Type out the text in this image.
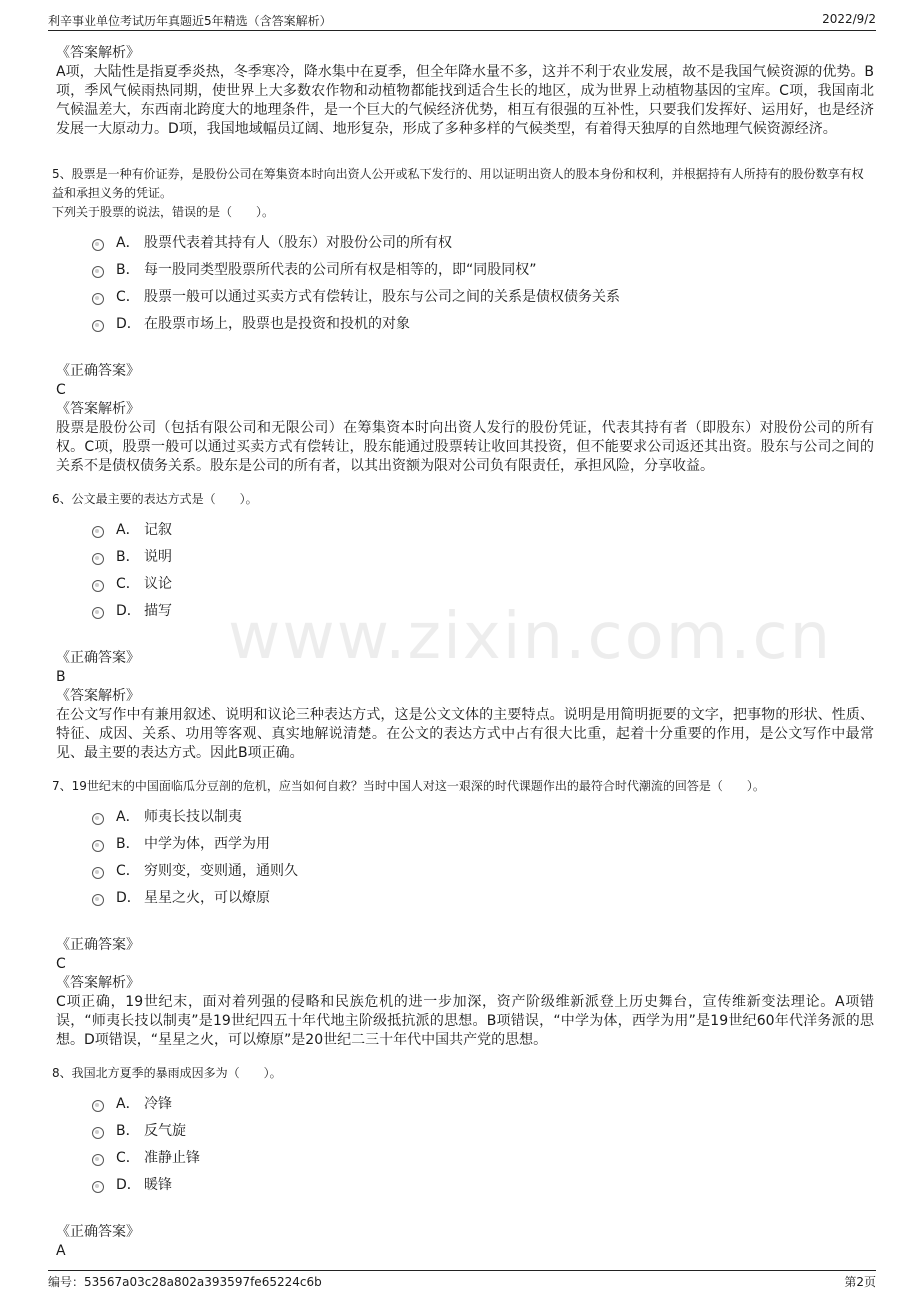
利辛事业单位考试历年真题近5年精选（含答案解析）	2022/9/2
www.zixin.com.cn
《答案解析》

A项，大陆性是指夏季炎热，冬季寒冷，降水集中在夏季，但全年降水量不多，这并不利于农业发展，故不是我国气候资源的优势。B项，季风气候雨热同期，使世界上大多数农作物和动植物都能找到适合生长的地区，成为世界上动植物基因的宝库。C项，我国南北气候温差大，东西南北跨度大的地理条件，是一个巨大的气候经济优势，相互有很强的互补性，只要我们发挥好、运用好，也是经济发展一大原动力。D项，我国地域幅员辽阔、地形复杂，形成了多种多样的气候类型，有着得天独厚的自然地理气候资源经济。

5、股票是一种有价证券，是股份公司在筹集资本时向出资人公开或私下发行的、用以证明出资人的股本身份和权利，并根据持有人所持有的股份数享有权益和承担义务的凭证。

下列关于股票的说法，错误的是（　　）。

A． 股票代表着其持有人（股东）对股份公司的所有权
B． 每一股同类型股票所代表的公司所有权是相等的，即“同股同权”
C． 股票一般可以通过买卖方式有偿转让，股东与公司之间的关系是债权债务关系
D． 在股票市场上，股票也是投资和投机的对象
《正确答案》
C
《答案解析》

股票是股份公司（包括有限公司和无限公司）在筹集资本时向出资人发行的股份凭证，代表其持有者（即股东）对股份公司的所有权。C项，股票一般可以通过买卖方式有偿转让，股东能通过股票转让收回其投资，但不能要求公司返还其出资。股东与公司之间的关系不是债权债务关系。股东是公司的所有者，以其出资额为限对公司负有限责任，承担风险，分享收益。

6、公文最主要的表达方式是（　　）。

A． 记叙
B． 说明
C． 议论
D． 描写
《正确答案》
B
《答案解析》

在公文写作中有兼用叙述、说明和议论三种表达方式，这是公文文体的主要特点。说明是用简明扼要的文字，把事物的形状、性质、特征、成因、关系、功用等客观、真实地解说清楚。在公文的表达方式中占有很大比重，起着十分重要的作用，是公文写作中最常见、最主要的表达方式。因此B项正确。

7、19世纪末的中国面临瓜分豆剖的危机，应当如何自救？当时中国人对这一艰深的时代课题作出的最符合时代潮流的回答是（　　）。

A． 师夷长技以制夷
B． 中学为体，西学为用
C． 穷则变，变则通，通则久
D． 星星之火，可以燎原
《正确答案》
C
《答案解析》

C项正确，19世纪末，面对着列强的侵略和民族危机的进一步加深，资产阶级维新派登上历史舞台，宣传维新变法理论。A项错误，“师夷长技以制夷”是19世纪四五十年代地主阶级抵抗派的思想。B项错误，“中学为体，西学为用”是19世纪60年代洋务派的思想。D项错误，“星星之火，可以燎原”是20世纪二三十年代中国共产党的思想。

8、我国北方夏季的暴雨成因多为（　　）。

A． 冷锋
B． 反气旋
C． 准静止锋
D． 暖锋
《正确答案》
A
编号：53567a03c28a802a393597fe65224c6b	第2页
